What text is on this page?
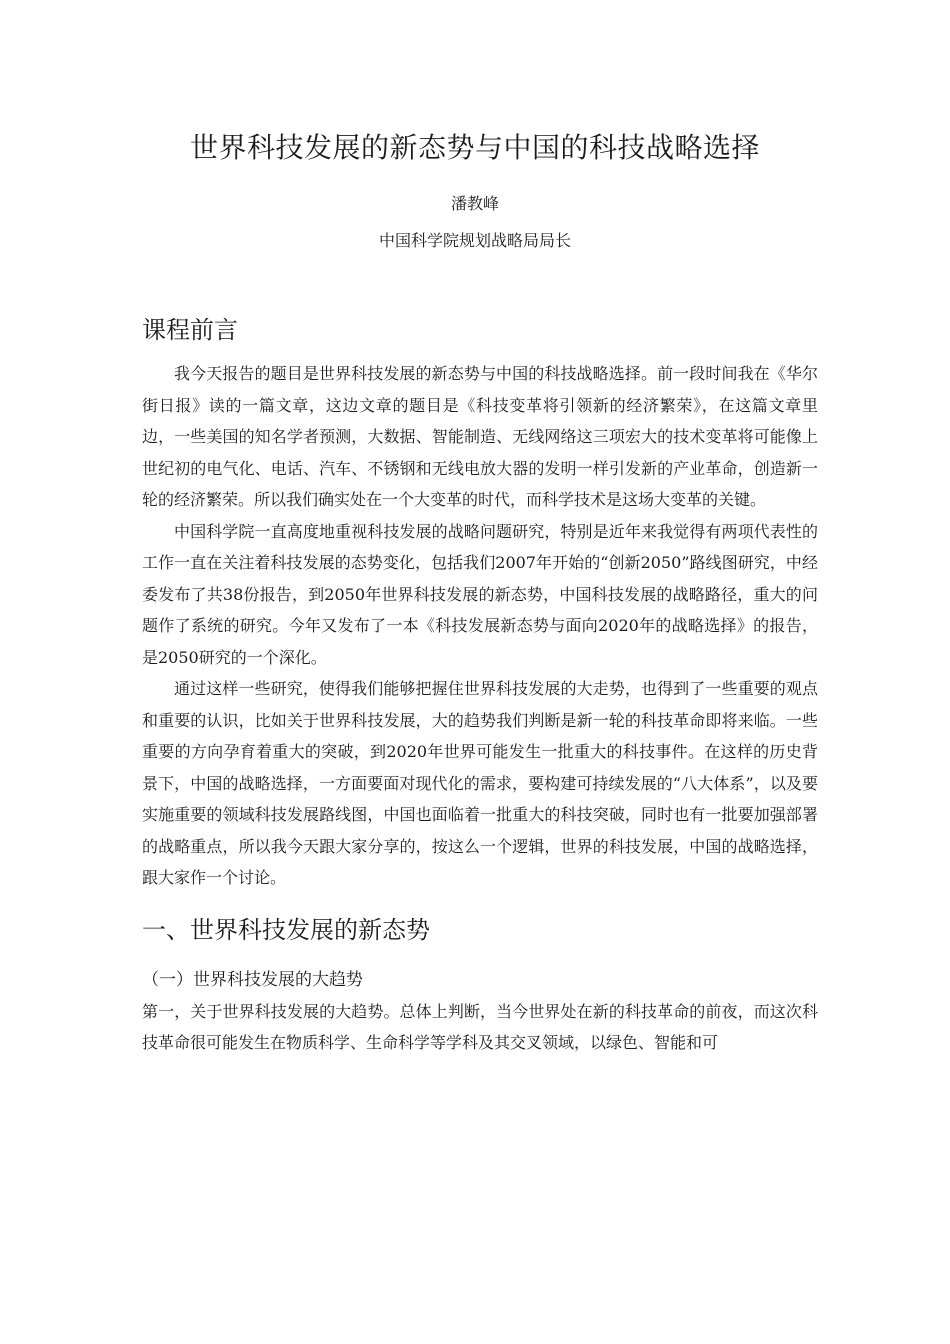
世界科技发展的新态势与中国的科技战略选择
潘教峰
中国科学院规划战略局局长
课程前言

我今天报告的题目是世界科技发展的新态势与中国的科技战略选择。前一段时间我在《华尔街日报》读的一篇文章，这边文章的题目是《科技变革将引领新的经济繁荣》，在这篇文章里边，一些美国的知名学者预测，大数据、智能制造、无线网络这三项宏大的技术变革将可能像上世纪初的电气化、电话、汽车、不锈钢和无线电放大器的发明一样引发新的产业革命，创造新一轮的经济繁荣。所以我们确实处在一个大变革的时代，而科学技术是这场大变革的关键。

中国科学院一直高度地重视科技发展的战略问题研究，特别是近年来我觉得有两项代表性的工作一直在关注着科技发展的态势变化，包括我们2007年开始的“创新2050”路线图研究，中经委发布了共38份报告，到2050年世界科技发展的新态势，中国科技发展的战略路径，重大的问题作了系统的研究。今年又发布了一本《科技发展新态势与面向2020年的战略选择》的报告，是2050研究的一个深化。

通过这样一些研究，使得我们能够把握住世界科技发展的大走势，也得到了一些重要的观点和重要的认识，比如关于世界科技发展，大的趋势我们判断是新一轮的科技革命即将来临。一些重要的方向孕育着重大的突破，到2020年世界可能发生一批重大的科技事件。在这样的历史背景下，中国的战略选择，一方面要面对现代化的需求，要构建可持续发展的“八大体系”，以及要实施重要的领域科技发展路线图，中国也面临着一批重大的科技突破，同时也有一批要加强部署的战略重点，所以我今天跟大家分享的，按这么一个逻辑，世界的科技发展，中国的战略选择，跟大家作一个讨论。

一、世界科技发展的新态势
（一）世界科技发展的大趋势

第一，关于世界科技发展的大趋势。总体上判断，当今世界处在新的科技革命的前夜，而这次科技革命很可能发生在物质科学、生命科学等学科及其交叉领域，以绿色、智能和可
